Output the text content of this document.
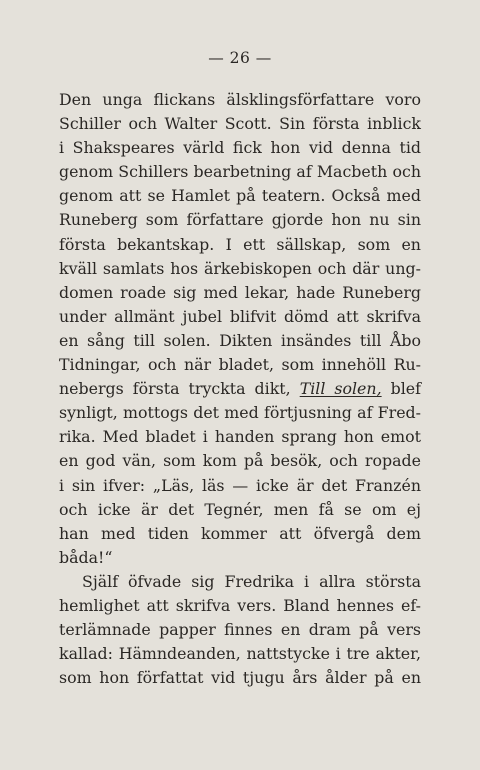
— 26 —
Den unga flickans älsklingsförfattare voro
Schiller och Walter Scott. Sin första inblick
i Shakspeares värld fick hon vid denna tid
genom Schillers bearbetning af Macbeth och
genom att se Hamlet på teatern. Också med
Runeberg som författare gjorde hon nu sin
första bekantskap. I ett sällskap, som en
kväll samlats hos ärkebiskopen och där ung-
domen roade sig med lekar, hade Runeberg
under allmänt jubel blifvit dömd att skrifva
en sång till solen. Dikten insändes till Åbo
Tidningar, och när bladet, som innehöll Ru-
nebergs första tryckta dikt, Till solen, blef
synligt, mottogs det med förtjusning af Fred-
rika. Med bladet i handen sprang hon emot
en god vän, som kom på besök, och ropade
i sin ifver: „Läs, läs — icke är det Franzén
och icke är det Tegnér, men få se om ej
han med tiden kommer att öfvergå dem
båda!“
Själf öfvade sig Fredrika i allra största
hemlighet att skrifva vers. Bland hennes ef-
terlämnade papper finnes en dram på vers
kallad: Hämndeanden, nattstycke i tre akter,
som hon författat vid tjugu års ålder på en
